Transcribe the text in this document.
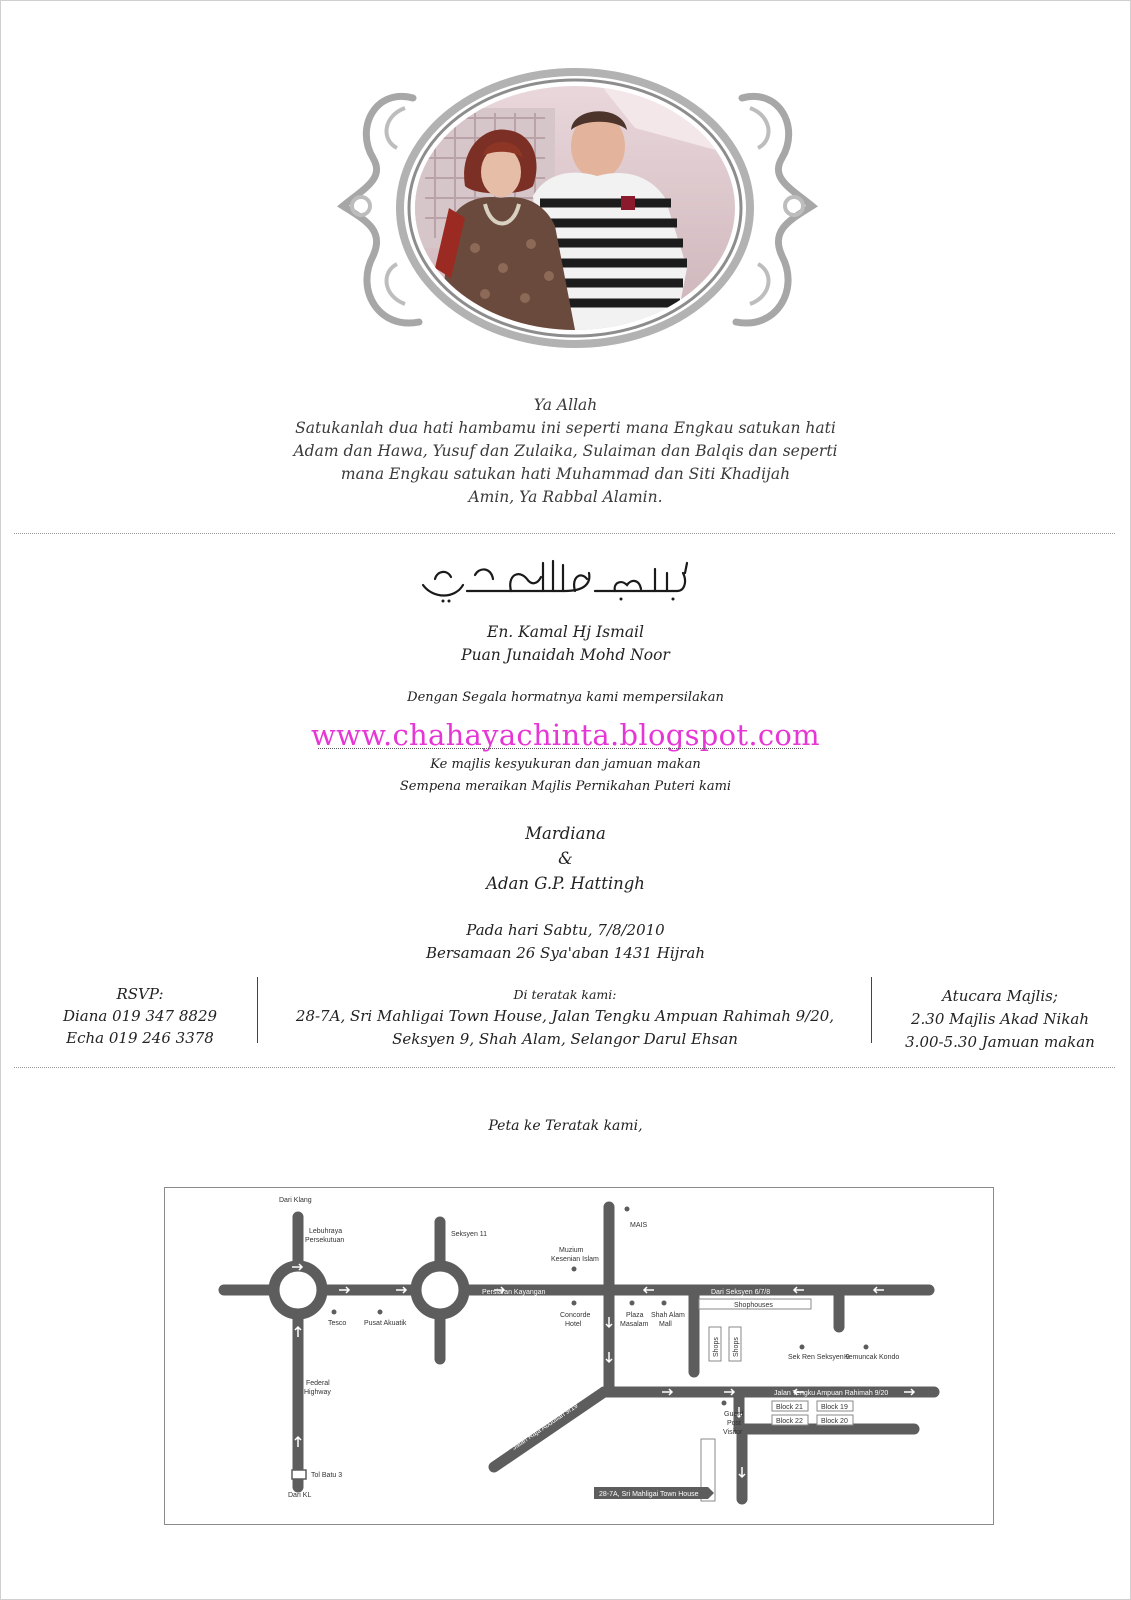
Ya Allah
Satukanlah dua hati hambamu ini seperti mana Engkau satukan hati
Adam dan Hawa, Yusuf dan Zulaika, Sulaiman dan Balqis dan seperti
mana Engkau satukan hati Muhammad dan Siti Khadijah
Amin, Ya Rabbal Alamin.
En. Kamal Hj Ismail
Puan Junaidah Mohd Noor
Dengan Segala hormatnya kami mempersilakan
www.chahayachinta.blogspot.com
Ke majlis kesyukuran dan jamuan makan
Sempena meraikan Majlis Pernikahan Puteri kami
Mardiana
&
Adan G.P. Hattingh
Pada hari Sabtu, 7/8/2010
Bersamaan 26 Sya'aban 1431 Hijrah
RSVP:
Diana 019 347 8829
Echa 019 246 3378
Di teratak kami:
28-7A, Sri Mahligai Town House, Jalan Tengku Ampuan Rahimah 9/20,
Seksyen 9, Shah Alam, Selangor Darul Ehsan
Atucara Majlis;
2.30 Majlis Akad Nikah
3.00-5.30 Jamuan makan
Peta ke Teratak kami,
Dari Klang
Lebuhraya
Persekutuan
Seksyen 11
Muzium
Kesenian Islam
MAIS
Persiaran Kayangan	Dari Seksyen 6/7/8
Shophouses
Tesco	Pusat Akuatik
Concorde
Hotel
Plaza
Masalam
Shah Alam
Mall
Shops Shops
Sek Ren Seksyen 9
Kemuncak Kondo
Federal
Highway	Jalan Tengku Ampuan Rahimah 9/20
Jalan Raja Abdullah 9/19	Guard
Post
Visitor
Block 21	Block 19
Block 22	Block 20
Tol Batu 3
Dari KL	28-7A, Sri Mahligai Town House
